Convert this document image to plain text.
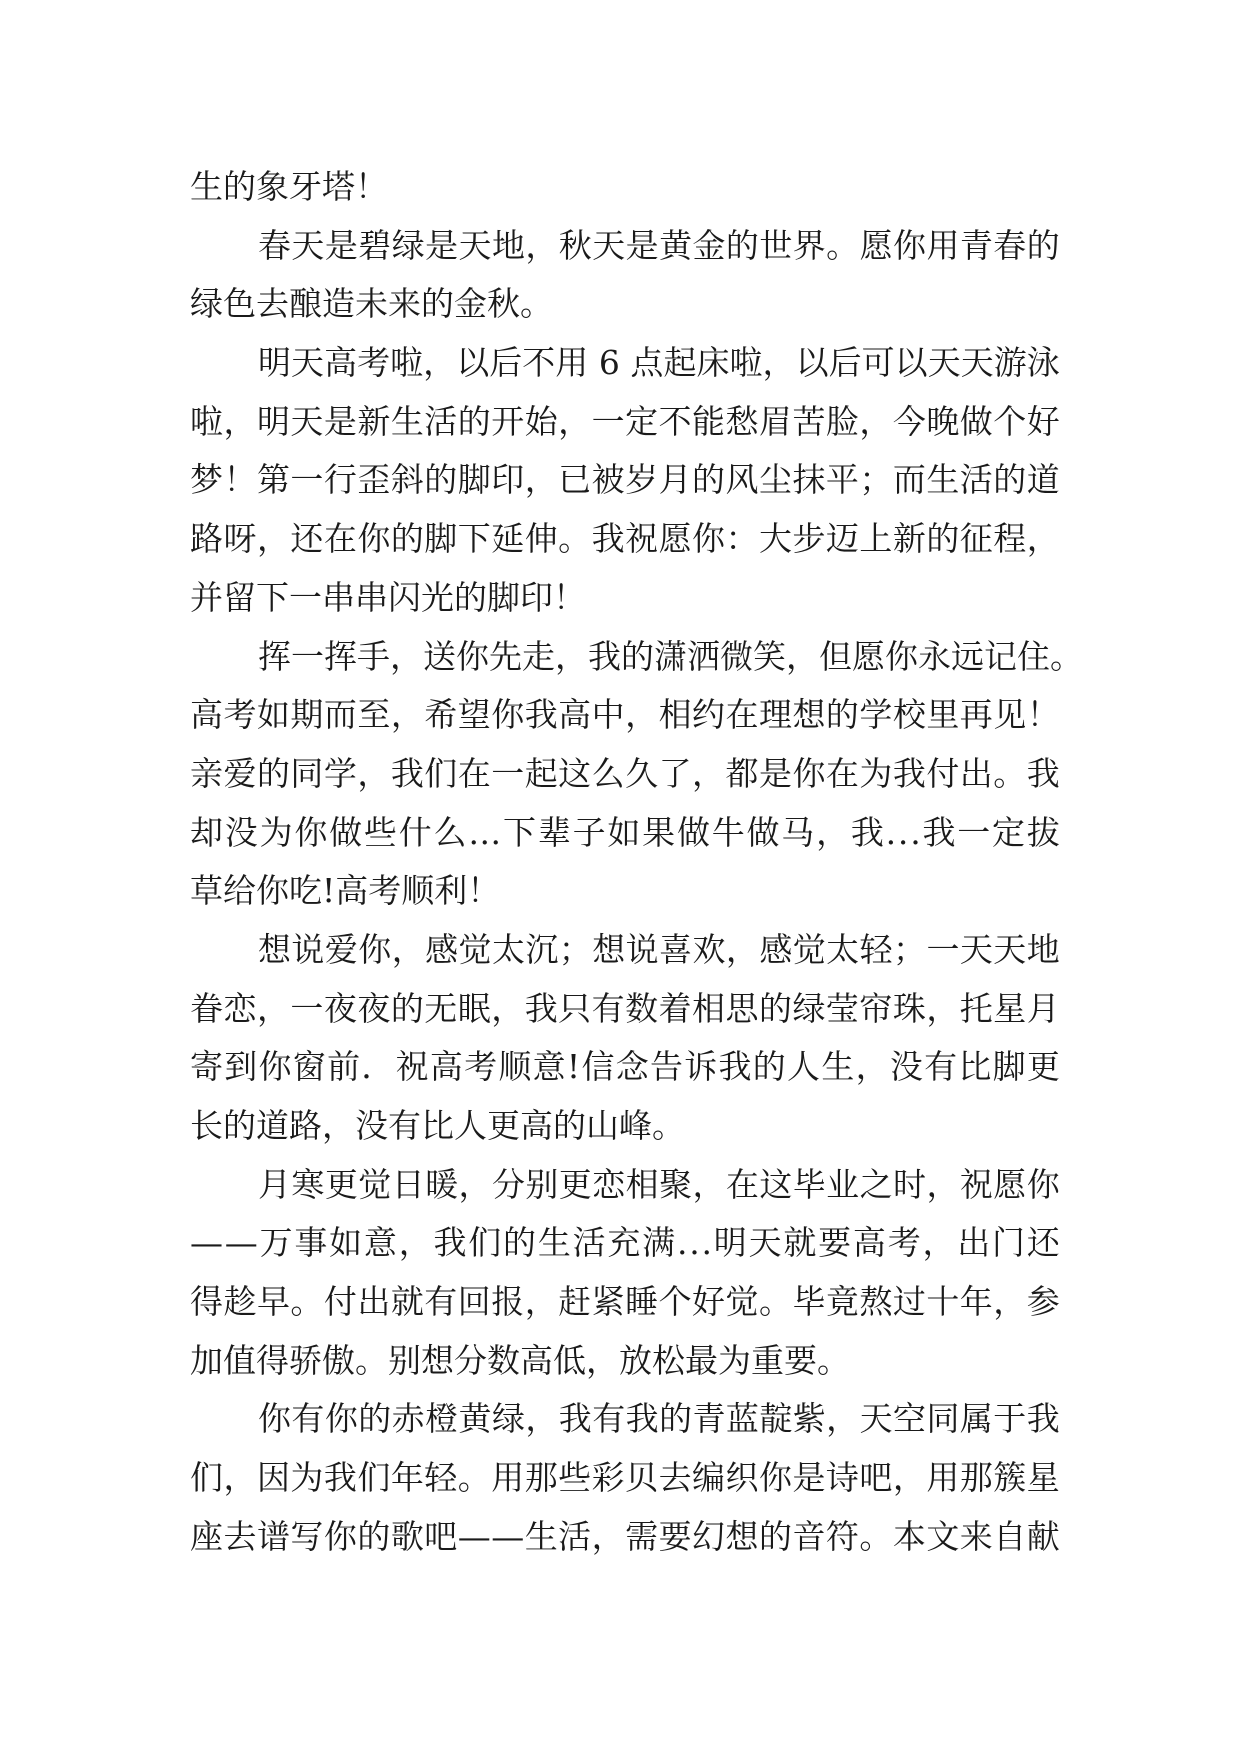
生的象牙塔！
春 天 是 碧 绿 是 天 地 ， 秋 天 是 黄 金 的 世 界 。 愿 你 用 青 春 的
绿色去酿造未来的金秋。
明 天 高 考 啦 ， 以 后 不 用
6
点 起 床 啦 ， 以 后 可 以 天 天 游 泳
啦 ， 明 天 是 新 生 活 的 开 始 ， 一 定 不 能 愁 眉 苦 脸 ， 今 晚 做 个 好
梦 ！ 第 一 行 歪 斜 的 脚 印 ， 已 被 岁 月 的 风 尘 抹 平 ； 而 生 活 的 道
路 呀 ， 还 在 你 的 脚 下 延 伸 。 我 祝 愿 你 ： 大 步 迈 上 新 的 征 程 ，
并留下一串串闪光的脚印！
挥 一 挥 手 ， 送 你 先 走 ， 我 的 潇 洒 微 笑 ， 但 愿 你 永 远 记 住 。
高 考 如 期 而 至 ， 希 望 你 我 高 中 ， 相 约 在 理 想 的 学 校 里 再 见 ！
亲 爱 的 同 学 ， 我 们 在 一 起 这 么 久 了 ， 都 是 你 在 为 我 付 出 。 我
却 没 为 你 做 些 什 么 … 下 辈 子 如 果 做 牛 做 马 ， 我 . . . 我 一 定 拔
草给你吃!高考顺利！
想 说 爱 你 ， 感 觉 太 沉 ； 想 说 喜 欢 ， 感 觉 太 轻 ； 一 天 天 地
眷 恋 ， 一 夜 夜 的 无 眠 ， 我 只 有 数 着 相 思 的 绿 莹 帘 珠 ， 托 星 月
寄 到 你 窗 前 ． 祝 高 考 顺 意 ! 信 念 告 诉 我 的 人 生 ， 没 有 比 脚 更
长的道路，没有比人更高的山峰。
月 寒 更 觉 日 暖 ， 分 别 更 恋 相 聚 ， 在 这 毕 业 之 时 ， 祝 愿 你
— — 万 事 如 意 ， 我 们 的 生 活 充 满 . . . 明 天 就 要 高 考 ， 出 门 还
得 趁 早 。 付 出 就 有 回 报 ， 赶 紧 睡 个 好 觉 。 毕 竟 熬 过 十 年 ， 参
加值得骄傲。别想分数高低，放松最为重要。
你 有 你 的 赤 橙 黄 绿 ， 我 有 我 的 青 蓝 靛 紫 ， 天 空 同 属 于 我
们 ， 因 为 我 们 年 轻 。 用 那 些 彩 贝 去 编 织 你 是 诗 吧 ， 用 那 簇 星
座 去 谱 写 你 的 歌 吧 — — 生 活 ， 需 要 幻 想 的 音 符 。 本 文 来 自 献
